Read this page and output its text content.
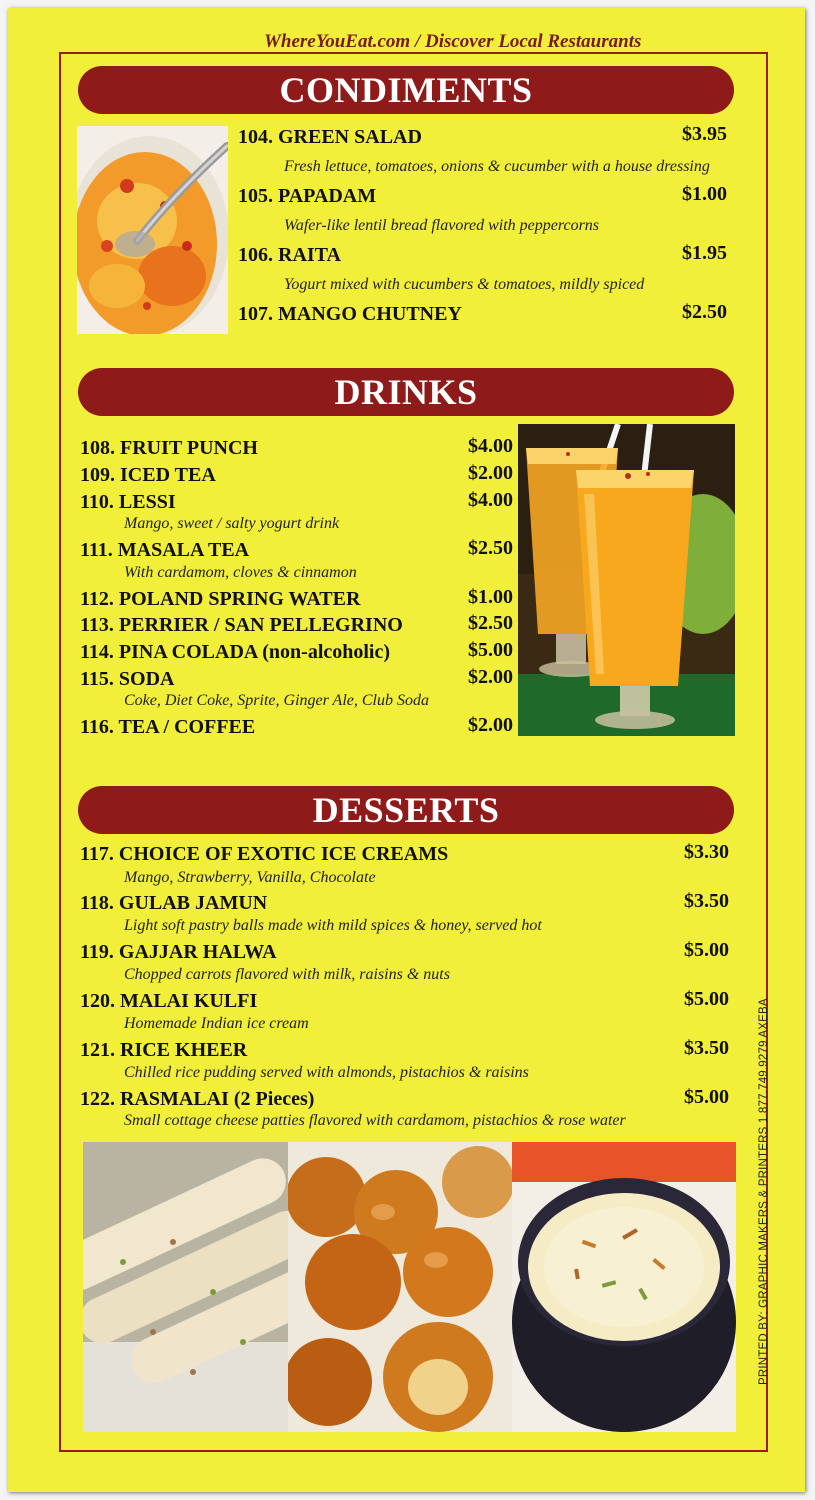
WhereYouEat.com / Discover Local Restaurants
CONDIMENTS
104. GREEN SALAD	$3.95
Fresh lettuce, tomatoes, onions & cucumber with a house dressing
105. PAPADAM	$1.00
Wafer-like lentil bread flavored with peppercorns
106. RAITA	$1.95
Yogurt mixed with cucumbers & tomatoes, mildly spiced
107. MANGO CHUTNEY	$2.50
DRINKS
108. FRUIT PUNCH	$4.00
109. ICED TEA	$2.00
110. LESSI	$4.00
Mango, sweet / salty yogurt drink
111. MASALA TEA	$2.50
With cardamom, cloves & cinnamon
112. POLAND SPRING WATER	$1.00
113. PERRIER / SAN PELLEGRINO	$2.50
114. PINA COLADA (non-alcoholic)	$5.00
115. SODA	$2.00
Coke, Diet Coke, Sprite, Ginger Ale, Club Soda
116. TEA / COFFEE	$2.00
DESSERTS
117. CHOICE OF EXOTIC ICE CREAMS	$3.30
Mango, Strawberry, Vanilla, Chocolate
118. GULAB JAMUN	$3.50
Light soft pastry balls made with mild spices & honey, served hot
119. GAJJAR HALWA	$5.00
Chopped carrots flavored with milk, raisins & nuts
120. MALAI KULFI	$5.00
Homemade Indian ice cream
121. RICE KHEER	$3.50
Chilled rice pudding served with almonds, pistachios & raisins
122. RASMALAI (2 Pieces)	$5.00
Small cottage cheese patties flavored with cardamom, pistachios & rose water	PRINTED BY: GRAPHIC MAKERS & PRINTERS 1.877.749.9279 AXEBA
